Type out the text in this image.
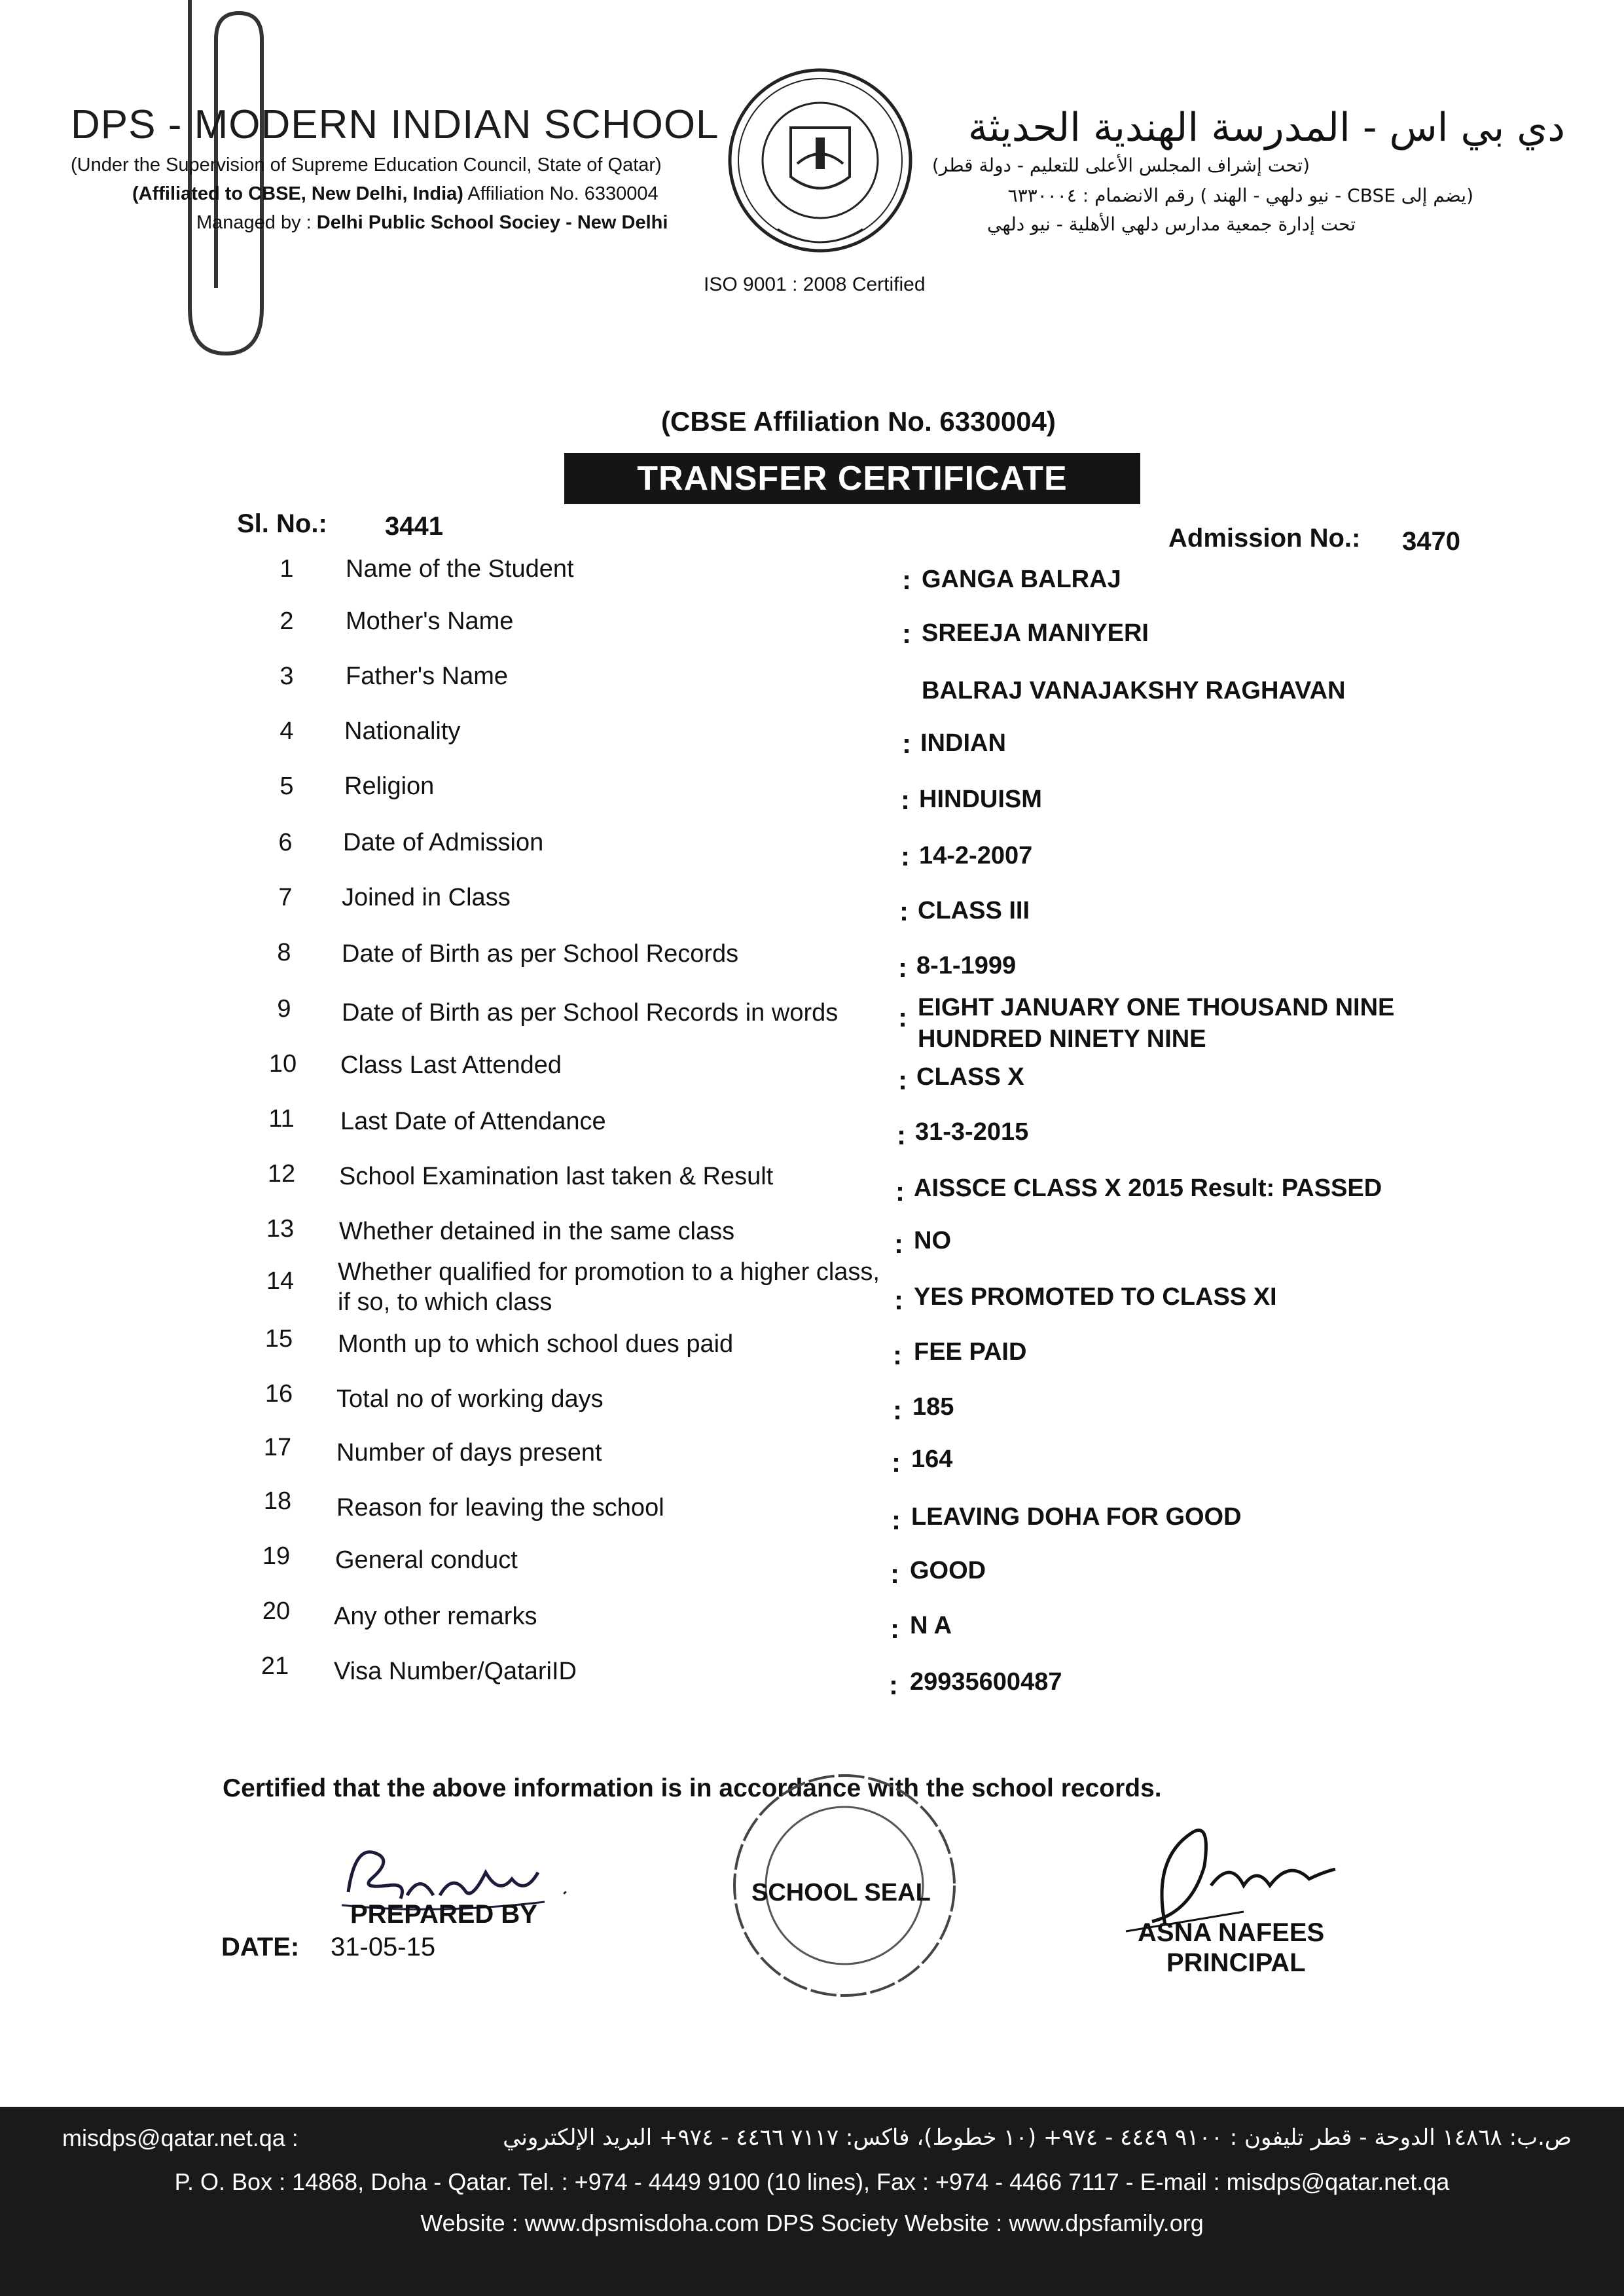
DPS - MODERN INDIAN SCHOOL
(Under the Supervision of Supreme Education Council, State of Qatar)
(Affiliated to CBSE, New Delhi, India) Affiliation No. 6330004
Managed by : Delhi Public School Sociey - New Delhi
دي بي اس - المدرسة الهندية الحديثة
(تحت إشراف المجلس الأعلى للتعليم - دولة قطر)
(يضم إلى CBSE - نيو دلهي - الهند ) رقم الانضمام : ٦٣٣٠٠٠٤
تحت إدارة جمعية مدارس دلهي الأهلية - نيو دلهي
ISO 9001 : 2008 Certified
(CBSE Affiliation No. 6330004)
TRANSFER CERTIFICATE
Sl. No.: 3441	Admission No.: 3470
1	Name of the Student	: GANGA BALRAJ
2	Mother's Name	: SREEJA MANIYERI
3	Father's Name
BALRAJ VANAJAKSHY RAGHAVAN
4	Nationality	: INDIAN
5	Religion	: HINDUISM
6	Date of Admission	: 14-2-2007
7	Joined in Class	: CLASS III
8	Date of Birth as per School Records	: 8-1-1999
9	Date of Birth as per School Records in words : EIGHT JANUARY ONE THOUSAND NINE
HUNDRED NINETY NINE
10	Class Last Attended	: CLASS X
11	Last Date of Attendance	: 31-3-2015
12	School Examination last taken & Result	: AISSCE CLASS X 2015 Result: PASSED
13	Whether detained in the same class	: NO
14	Whether qualified for promotion to a higher class,
if so, to which class	: YES PROMOTED TO CLASS XI
15	Month up to which school dues paid	: FEE PAID
16	Total no of working days	: 185
17	Number of days present	: 164
18	Reason for leaving the school	: LEAVING DOHA FOR GOOD
19	General conduct	: GOOD
20	Any other remarks	: N A
21	Visa Number/QatariID	: 29935600487
Certified that the above information is in accordance with the school records.
PREPARED BY
DATE: 31-05-15
SCHOOL SEAL
ASNA NAFEES
PRINCIPAL
misdps@qatar.net.qa :	ص.ب: ١٤٨٦٨ الدوحة - قطر تليفون : ٩١٠٠ ٤٤٤٩ - ٩٧٤+ (١٠ خطوط)، فاكس: ٧١١٧ ٤٤٦٦ - ٩٧٤+ البريد الإلكتروني
P. O. Box : 14868, Doha - Qatar. Tel. : +974 - 4449 9100 (10 lines), Fax : +974 - 4466 7117 - E-mail : misdps@qatar.net.qa
Website : www.dpsmisdoha.com DPS Society Website : www.dpsfamily.org
